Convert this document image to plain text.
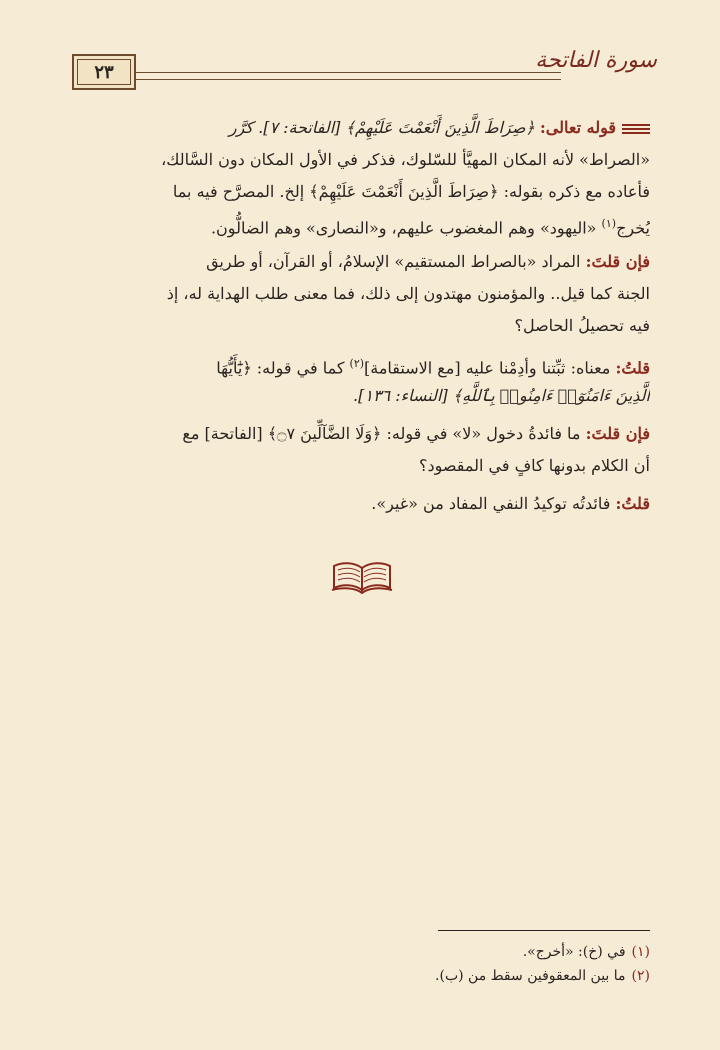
سورة الفاتحة
٢٣
قوله تعالى: ﴿صِرَاطَ الَّذِينَ أَنْعَمْتَ عَلَيْهِمْ﴾ [الفاتحة: ٧]. كرَّر
«الصراط» لأنه المكان المهيَّأ للسّلوك، فذكر في الأول المكان دون السَّالك،
فأعاده مع ذكره بقوله: ﴿صِرَاطَ الَّذِينَ أَنْعَمْتَ عَلَيْهِمْ﴾ إلخ. المصرَّح فيه بما
يُخرج$^{(١)}$ «اليهود» وهم المغضوب عليهم، و«النصارى» وهم الضالُّون.
فإن قلتَ: المراد «بالصراط المستقيم» الإسلامُ، أو القرآن، أو طريق
الجنة كما قيل.. والمؤمنون مهتدون إلى ذلك، فما معنى طلب الهداية له، إذ
فيه تحصيلُ الحاصل؟
قلتُ: معناه: ثبِّتنا وأدِمْنا عليه [مع الاستقامة]$^{(٢)}$ كما في قوله: ﴿يَٰٓأَيُّهَا
الَّذِينَ ءَامَنُوٓا۟ ءَامِنُوا۟ بِٱللَّهِ﴾ [النساء: ١٣٦].
فإن قلتَ: ما فائدةُ دخول «لا» في قوله: ﴿وَلَا الضَّآلِّينَ ۝٧﴾ [الفاتحة] مع
أن الكلام بدونها كافٍ في المقصود؟
قلتُ: فائدتُه توكيدُ النفي المفاد من «غير».
(١)في (خ): «أخرج».
(٢)ما بين المعقوفين سقط من (ب).
